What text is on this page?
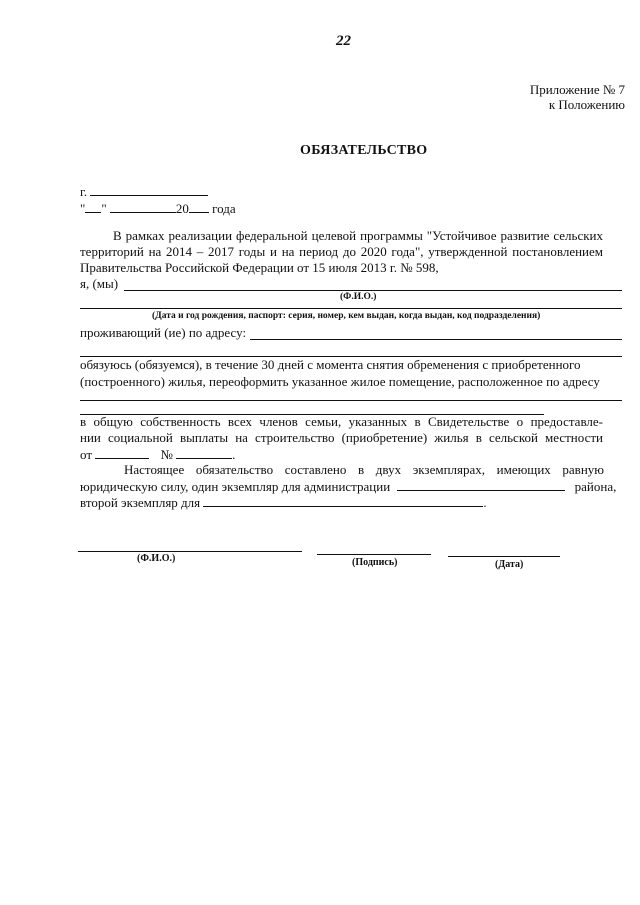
22
Приложение № 7
к Положению
ОБЯЗАТЕЛЬСТВО
г.
" "	20 года
В рамках реализации федеральной целевой программы "Устойчивое развитие сельских
территорий на 2014 – 2017 годы и на период до 2020 года", утвержденной постановлением
Правительства Российской Федерации от 15 июля 2013 г. № 598,
я, (мы)
(Ф.И.О.)
(Дата и год рождения, паспорт: серия, номер, кем выдан, когда выдан, код подразделения)
проживающий (ие) по адресу:
обязуюсь (обязуемся), в течение 30 дней с момента снятия обременения с приобретенного
(построенного) жилья, переоформить указанное жилое помещение, расположенное по адресу
в общую собственность всех членов семьи, указанных в Свидетельстве о предоставле-
нии социальной выплаты на строительство (приобретение) жилья в сельской местности
от	№	.
Настоящее обязательство составлено в двух экземплярах, имеющих равную
юридическую силу, один экземпляр для администрации	района,
второй экземпляр для	.
(Ф.И.О.)	(Подпись)	(Дата)
